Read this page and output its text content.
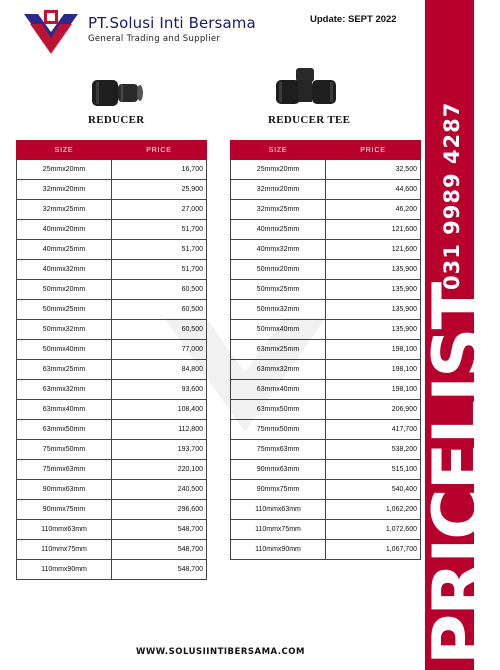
PT.Solusi Inti Bersama
General Trading and Supplier
Update: SEPT 2022
031 9989 4287
PRICELIST
REDUCER	REDUCER TEE
SIZE	PRICE
25mmx20mm	16,700
32mmx20mm	25,900
32mmx25mm	27,000
40mmx20mm	51,700
40mmx25mm	51,700
40mmx32mm	51,700
50mmx20mm	60,500
50mmx25mm	60,500
50mmx32mm	60,500
50mmx40mm	77,000
63mmx25mm	84,800
63mmx32mm	93,600
63mmx40mm	108,400
63mmx50mm	112,800
75mmx50mm	193,700
75mmx63mm	220,100
90mmx63mm	240,500
90mmx75mm	296,600
110mmx63mm	548,700
110mmx75mm	548,700
110mmx90mm	548,700
SIZE	PRICE
25mmx20mm	32,500
32mmx20mm	44,600
32mmx25mm	46,200
40mmx25mm	121,600
40mmx32mm	121,600
50mmx20mm	135,900
50mmx25mm	135,900
50mmx32mm	135,900
50mmx40mm	135,900
63mmx25mm	198,100
63mmx32mm	198,100
63mmx40mm	198,100
63mmx50mm	206,900
75mmx50mm	417,700
75mmx63mm	538,200
90mmx63mm	515,100
90mmx75mm	540,400
110mmx63mm	1,062,200
110mmx75mm	1,072,600
110mmx90mm	1,067,700
WWW.SOLUSIINTIBERSAMA.COM
